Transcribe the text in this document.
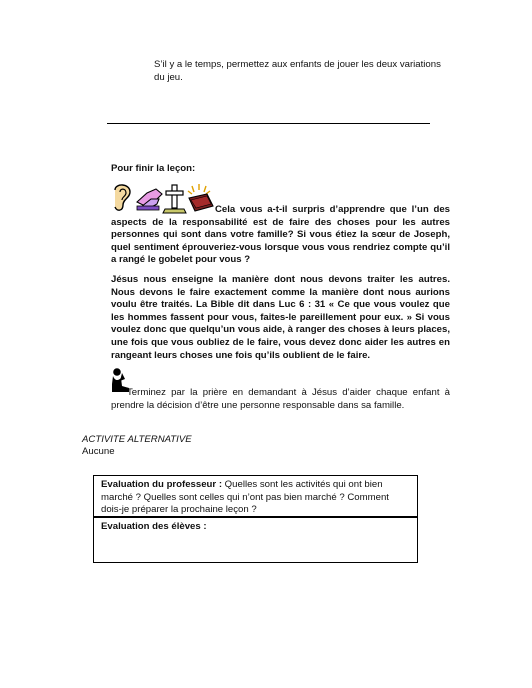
S’il y a le temps, permettez aux enfants de jouer les deux variations du jeu.
Pour finir la leçon:
Cela vous a-t-il surpris d’apprendre que l’un des aspects de la responsabilité est de faire des choses pour les autres personnes qui sont dans votre famille? Si vous étiez la sœur de Joseph, quel sentiment éprouveriez-vous lorsque vous vous rendriez compte qu’il a rangé le gobelet pour vous ?
Jésus nous enseigne la manière dont nous devons traiter les autres. Nous devons le faire exactement comme la manière dont nous aurions voulu être traités. La Bible dit dans Luc 6 : 31 « Ce que vous voulez que les hommes fassent pour vous, faites-le pareillement pour eux. » Si vous voulez donc que quelqu’un vous aide, à ranger des choses à leurs places, une fois que vous oubliez de le faire, vous devez donc aider les autres en rangeant leurs choses une fois qu’ils oublient de le faire.
Terminez par la prière en demandant à Jésus d’aider chaque enfant à prendre la décision d’être une personne responsable dans sa famille.
ACTIVITE ALTERNATIVE
Aucune
Evaluation du professeur : Quelles sont les activités qui ont bien marché ? Quelles sont celles qui n’ont pas bien marché ? Comment dois-je préparer la prochaine leçon ?
Evaluation des élèves :
